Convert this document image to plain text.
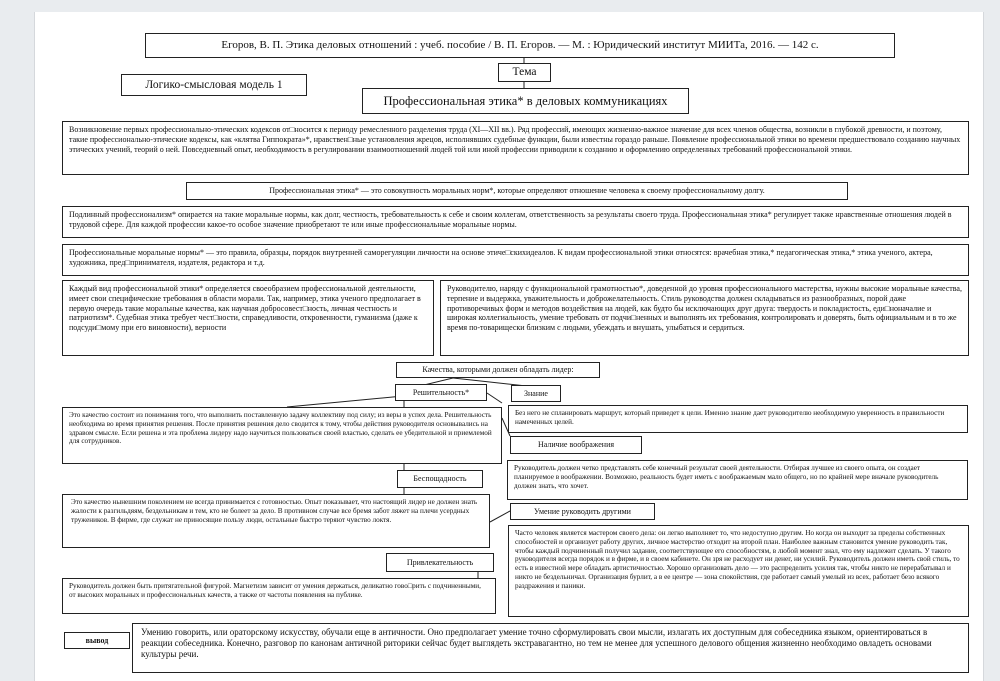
Егоров, В. П. Этика деловых отношений : учеб. пособие / В. П. Егоров. — М. : Юридический институт МИИТа, 2016. — 142 с.
Логико-смысловая модель 1
Тема
Профессиональная этика* в деловых коммуникациях
Возникновение первых профессионально-этических кодексов от□носится к периоду ремесленного разделения труда (XI—XII вв.). Ряд профессий, имеющих жизненно-важное значение для всех членов общества, возникли в глубокой древности, и поэтому, такие профессионально-этические кодексы, как «клятва Гиппократа»*, нравствен□ные установления жрецов, исполнявших судебные функции, были известны гораздо раньше. Появление профессиональной этики во времени предшествовало созданию научных этических учений, теорий о ней. Повседневный опыт, необходимость в регулировании взаимоотношений людей той или иной профессии приводили к созданию и оформлению определенных требований профессиональной этики.
Профессиональная этика* — это совокупность моральных норм*, которые определяют отношение человека к своему профессиональному долгу.
Подлинный профессионализм* опирается на такие моральные нормы, как долг, честность, требовательность к себе и своим коллегам, ответственность за результаты своего труда. Профессиональная этика* регулирует также нравственные отношения людей в трудовой сфере. Для каждой профессии какое-то особое значение приобретают те или иные профессиональные моральные нормы.
Профессиональные моральные нормы* — это правила, образцы, порядок внутренней саморегуляции личности на основе этиче□скихидеалов. К видам профессиональной этики относятся: врачебная этика,* педагогическая этика,* этика ученого, актера, художника, пред□принимателя, издателя, редактора и т.д.
Каждый вид профессиональной этики* определяется своеобразием профессиональной деятельности, имеет свои специфические требования в области морали. Так, например, этика ученого предполагает в первую очередь такие моральные качества, как научная добросовест□ность, личная честность и патриотизм*. Судебная этика требует чест□ности, справедливости, откровенности, гуманизма (даже к подсуди□мому при его виновности), верности
Руководителю, наряду с функциональной грамотностью*, доведенной до уровня профессионального мастерства, нужны высокие моральные качества, терпение и выдержка, уважительность и доброжелательность. Стиль руководства должен складываться из разнообразных, порой даже противоречивых форм и методов воздействия на людей, как будто бы исключающих друг друга: твердость и покладистость, еди□ноначалие и широкая коллегиальность, умение требовать от подчи□ненных и выполнять их требования, контролировать и доверять, быть официальным и в то же время по-товарищески близким с людьми, убеждать и внушать, улыбаться и сердиться.
Качества, которыми должен обладать лидер:
Решительность*
Это качество состоит из понимания того, что выполнить поставленную задачу коллективу под силу; из веры в успех дела. Решительность необходима во время принятия решения. После принятия решения дело сводится к тому, чтобы действия руководителя основывались на здравом смысле. Если решена и эта проблема лидеру надо научиться пользоваться своей властью, сделать ее убедительной и приемлемой для сотрудников.
Знание
Без него не спланировать маршрут, который приведет к цели. Именно знание дает руководителю необходимую уверенность в правильности намеченных целей.
Наличие воображения
Руководитель должен четко представлять себе конечный результат своей деятельности. Отбирая лучшее из своего опыта, он создает планируемое в воображении. Возможно, реальность будет иметь с воображаемым мало общего, но по крайней мере вначале руководитель должен знать, что хочет.
Беспощадность
Это качество нынешним поколением не всегда принимается с готовностью. Опыт показывает, что настоящий лидер не должен знать жалости к разгильдяям, бездельникам и тем, кто не болеет за дело. В противном случае все бремя забот ляжет на плечи усердных тружеников. В фирме, где служат не приносящие пользу люди, остальные быстро теряют чувство локтя.
Умение руководить другими
Часто человек является мастером своего дела: он легко выполняет то, что недоступно другим. Но когда он выходит за пределы собственных способностей и организует работу других, личное мастерство отходит на второй план. Наиболее важным становится умение руководить так, чтобы каждый подчиненный получил задание, соответствующее его способностям, в любой момент знал, что ему надлежит сделать. У такого руководителя всегда порядок и в фирме, и в своем кабинете. Он зря не расходует ни денег, ни усилий. Руководитель должен иметь свой стиль, то есть в известной мере обладать артистичностью. Хорошо организовать дело — это распределить усилия так, чтобы никто не перерабатывал и никто не бездельничал. Организация бурлит, а в ее центре — зона спокойствия, где работает самый умелый из всех, работает безо всякого раздражения и паники.
Привлекательность
Руководитель должен быть притягательной фигурой. Магнетизм зависит от умения держаться, деликатно гово□рить с подчиненными, от высоких моральных и профессиональных качеств, а также от частоты появления на публике.
вывод
Умению говорить, или ораторскому искусству, обучали еще в античности. Оно предполагает умение точно сформулировать свои мысли, излагать их доступным для собеседника языком, ориентироваться в реакции собеседника. Конечно, разговор по канонам античной риторики сейчас будет выглядеть экстравагантно, но тем не менее для успешного делового общения жизненно необходимо овладеть основами культуры речи.
